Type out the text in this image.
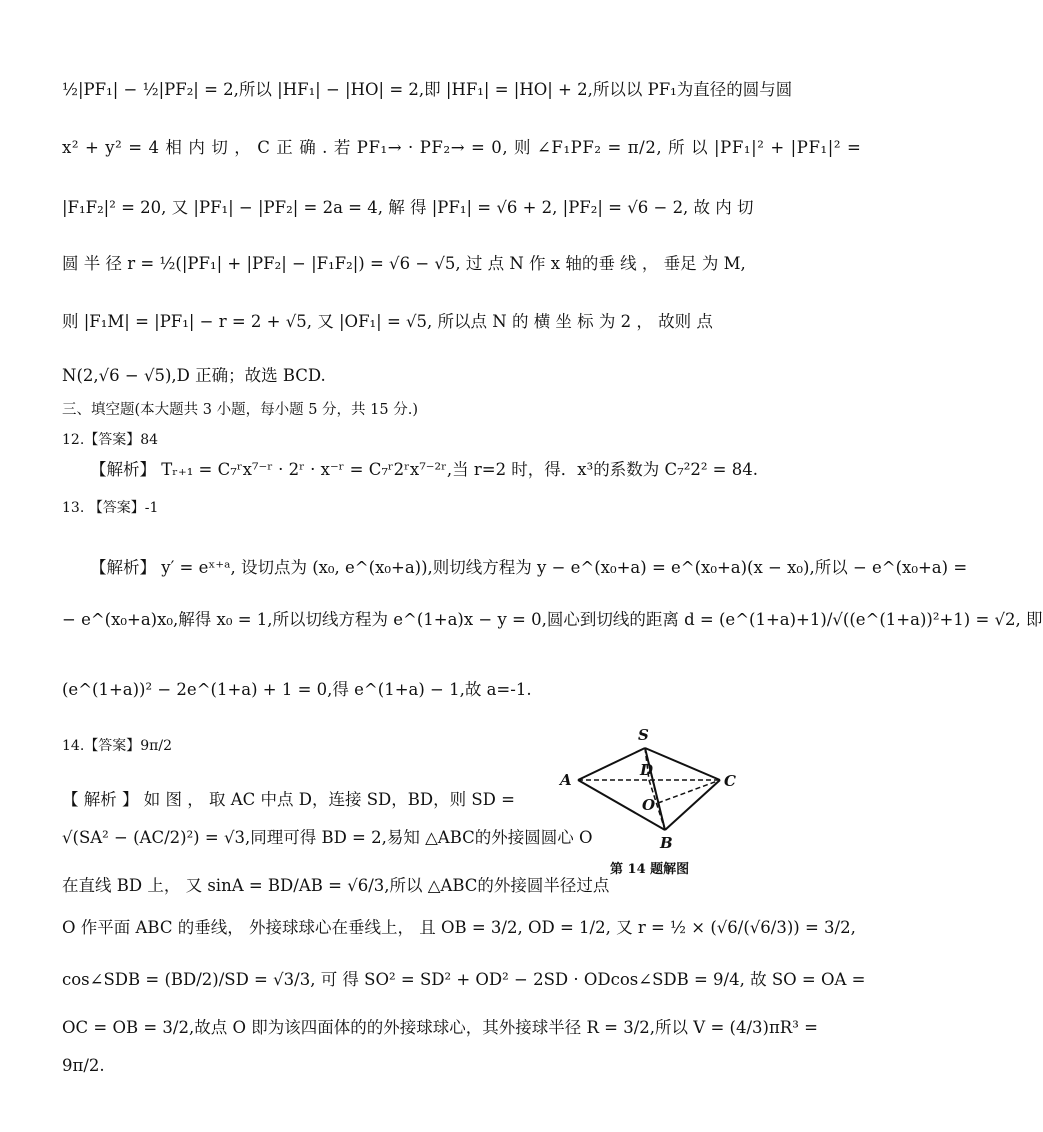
½|PF₁| − ½|PF₂| = 2,所以 |HF₁| − |HO| = 2,即 |HF₁| = |HO| + 2,所以以 PF₁为直径的圆与圆
x² + y² = 4 相 内 切 ， C 正 确 . 若 PF₁→ · PF₂→ = 0, 则 ∠F₁PF₂ = π/2, 所 以 |PF₁|² + |PF₁|² =
|F₁F₂|² = 20, 又 |PF₁| − |PF₂| = 2a = 4, 解 得 |PF₁| = √6 + 2, |PF₂| = √6 − 2, 故 内 切
圆 半 径 r = ½(|PF₁| + |PF₂| − |F₁F₂|) = √6 − √5, 过 点 N 作 x 轴的垂 线 ， 垂足 为 M,
则 |F₁M| = |PF₁| − r = 2 + √5, 又 |OF₁| = √5, 所以点 N 的 横 坐 标 为 2 ， 故则 点
N(2,√6 − √5),D 正确；故选 BCD.
三、填空题(本大题共 3 小题，每小题 5 分，共 15 分.)
12.【答案】84
【解析】 Tᵣ₊₁ = C₇ʳx⁷⁻ʳ · 2ʳ · x⁻ʳ = C₇ʳ2ʳx⁷⁻²ʳ,当 r=2 时，得．x³的系数为 C₇²2² = 84.
13. 【答案】-1
【解析】 y′ = eˣ⁺ᵃ, 设切点为 (x₀, e^(x₀+a)),则切线方程为 y − e^(x₀+a) = e^(x₀+a)(x − x₀),所以 − e^(x₀+a) =
− e^(x₀+a)x₀,解得 x₀ = 1,所以切线方程为 e^(1+a)x − y = 0,圆心到切线的距离 d = (e^(1+a)+1)/√((e^(1+a))²+1) = √2, 即
(e^(1+a))² − 2e^(1+a) + 1 = 0,得 e^(1+a) − 1,故 a=-1.
14.【答案】9π/2
【 解析 】 如 图 ， 取 AC 中点 D，连接 SD，BD，则 SD =
√(SA² − (AC/2)²) = √3,同理可得 BD = 2,易知 △ABC的外接圆圆心 O
在直线 BD 上， 又 sinA = BD/AB = √6/3,所以 △ABC的外接圆半径过点
O 作平面 ABC 的垂线， 外接球球心在垂线上， 且 OB = 3/2, OD = 1/2, 又 r = ½ × (√6/(√6/3)) = 3/2,
cos∠SDB = (BD/2)/SD = √3/3, 可 得 SO² = SD² + OD² − 2SD · ODcos∠SDB = 9/4, 故 SO = OA =
OC = OB = 3/2,故点 O 即为该四面体的的外接球球心，其外接球半径 R = 3/2,所以 V = (4/3)πR³ =
9π/2.
S
A	C
B
D
O
第 14 题解图
